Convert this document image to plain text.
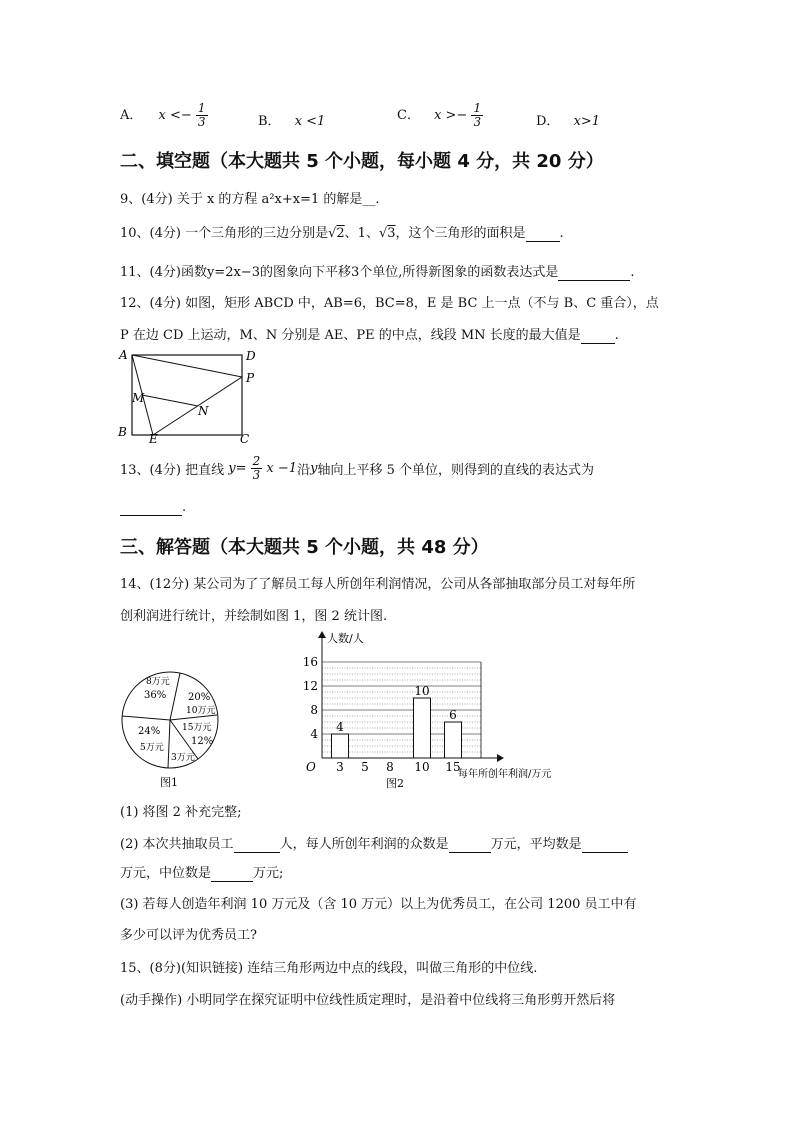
A． $x <- \frac{1}{3}$	B． x <1	C． $x >- \frac{1}{3}$	D． x>1
二、填空题（本大题共 5 个小题，每小题 4 分，共 20 分）
9、(4分) 关于 x 的方程 a²x+x=1 的解是__.
10、(4分) 一个三角形的三边分别是√2、1、√3，这个三角形的面积是	.
11、(4分)函数y=2x−3的图象向下平移3个单位,所得新图象的函数表达式是	.
12、(4分) 如图，矩形 ABCD 中，AB=6，BC=8，E 是 BC 上一点（不与 B、C 重合），点
P 在边 CD 上运动，M、N 分别是 AE、PE 的中点，线段 MN 长度的最大值是	.
A	D
P
M
N
B E	C
13、(4分) 把直线 $y= \frac{2}{3}$ x −1沿y轴向上平移 5 个单位，则得到的直线的表达式为
.
三、解答题（本大题共 5 个小题，共 48 分）
14、(12分) 某公司为了了解员工每人所创年利润情况，公司从各部抽取部分员工对每年所
创利润进行统计，并绘制如图 1，图 2 统计图.
8万元
36% 20%
10万元
15万元
12%
24%
5万元
3万元
图1
人数/人
每年所创年利润/万元
O
4
8
12
16
3 5 8 10 15
4
10
6
图2
(1) 将图 2 补充完整;
(2) 本次共抽取员工	人，每人所创年利润的众数是	万元，平均数是
万元，中位数是	万元;
(3) 若每人创造年利润 10 万元及（含 10 万元）以上为优秀员工，在公司 1200 员工中有
多少可以评为优秀员工?
15、(8分)(知识链接) 连结三角形两边中点的线段，叫做三角形的中位线.
(动手操作) 小明同学在探究证明中位线性质定理时，是沿着中位线将三角形剪开然后将
